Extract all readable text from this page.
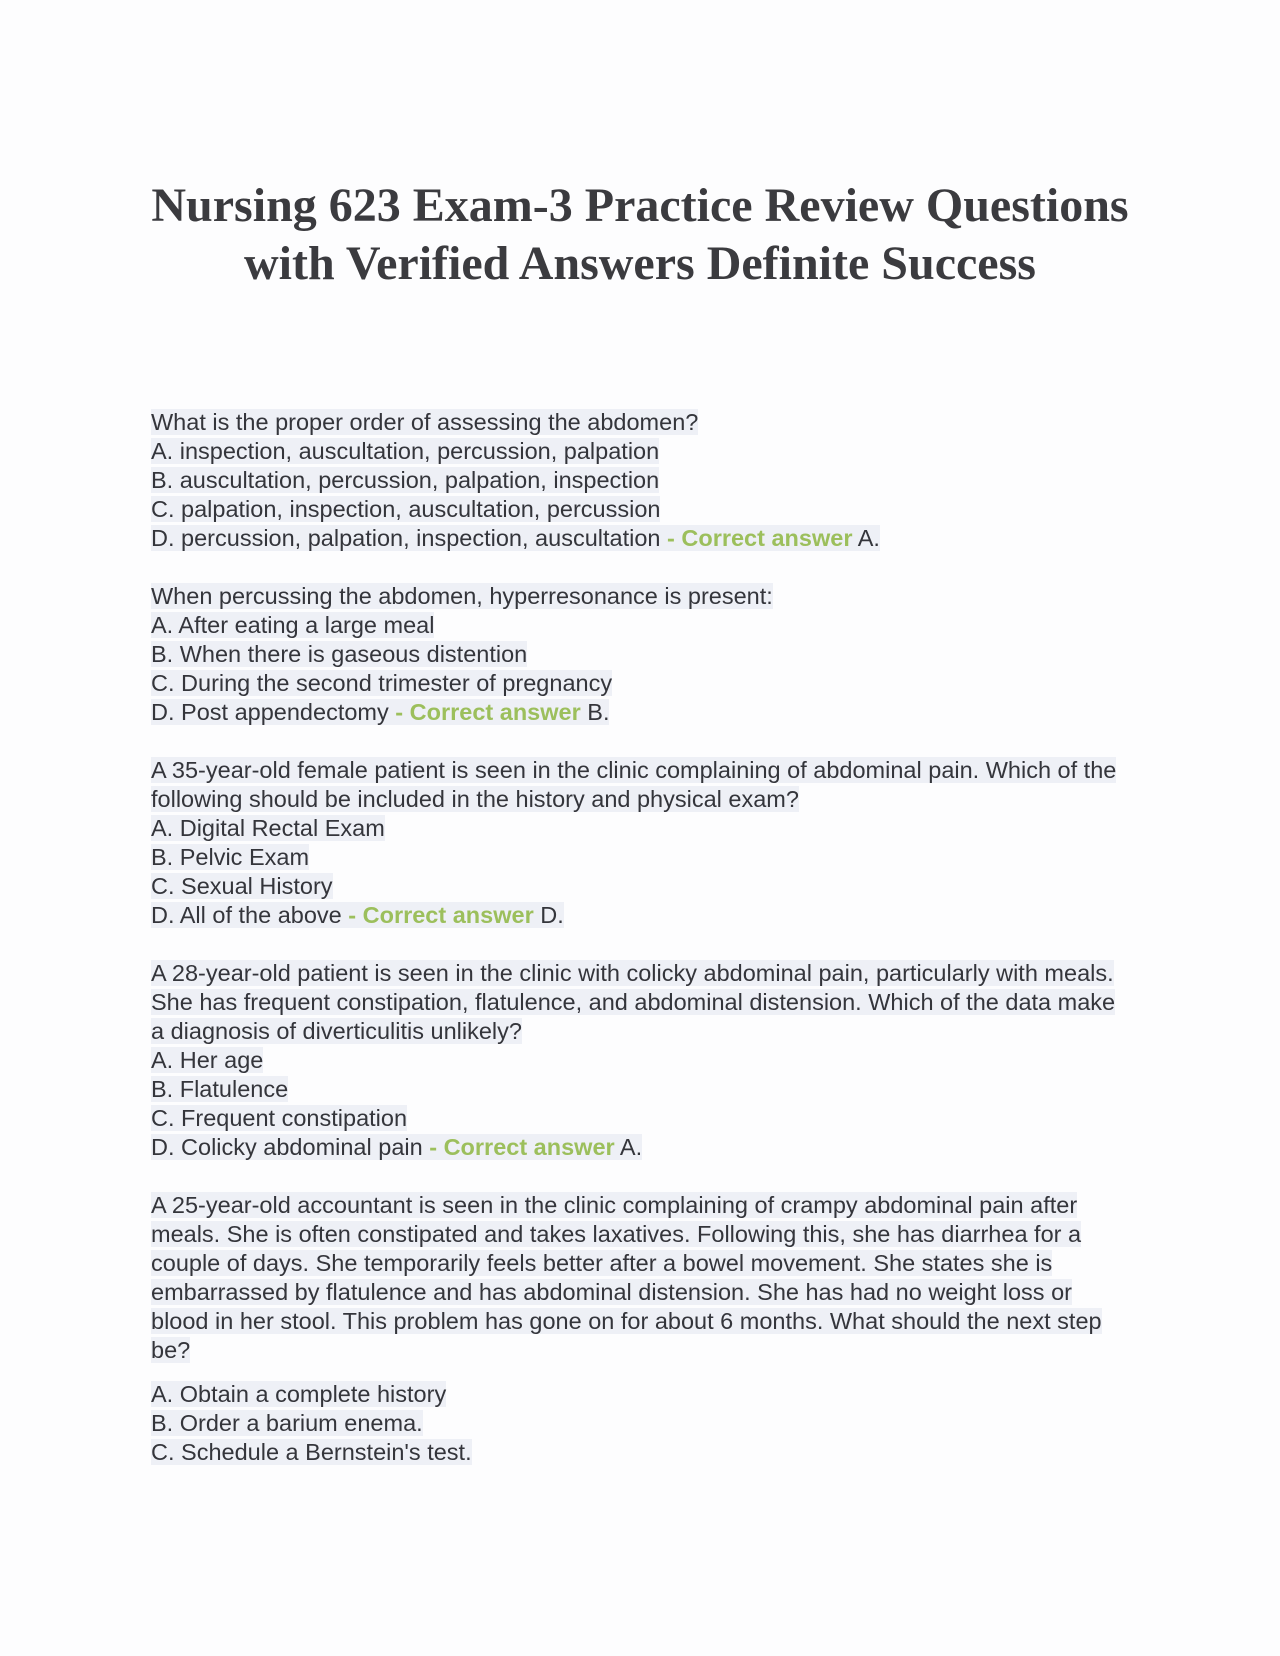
Nursing 623 Exam-3 Practice Review Questions with Verified Answers Definite Success
What is the proper order of assessing the abdomen?
A. inspection, auscultation, percussion, palpation
B. auscultation, percussion, palpation, inspection
C. palpation, inspection, auscultation, percussion
D. percussion, palpation, inspection, auscultation - Correct answer A.
When percussing the abdomen, hyperresonance is present:
A. After eating a large meal
B. When there is gaseous distention
C. During the second trimester of pregnancy
D. Post appendectomy - Correct answer B.
A 35-year-old female patient is seen in the clinic complaining of abdominal pain. Which of the following should be included in the history and physical exam?
A. Digital Rectal Exam
B. Pelvic Exam
C. Sexual History
D. All of the above - Correct answer D.
A 28-year-old patient is seen in the clinic with colicky abdominal pain, particularly with meals. She has frequent constipation, flatulence, and abdominal distension. Which of the data make a diagnosis of diverticulitis unlikely?
A. Her age
B. Flatulence
C. Frequent constipation
D. Colicky abdominal pain - Correct answer A.
A 25-year-old accountant is seen in the clinic complaining of crampy abdominal pain after meals. She is often constipated and takes laxatives. Following this, she has diarrhea for a couple of days. She temporarily feels better after a bowel movement. She states she is embarrassed by flatulence and has abdominal distension. She has had no weight loss or blood in her stool. This problem has gone on for about 6 months. What should the next step be?
A. Obtain a complete history
B. Order a barium enema.
C. Schedule a Bernstein's test.
